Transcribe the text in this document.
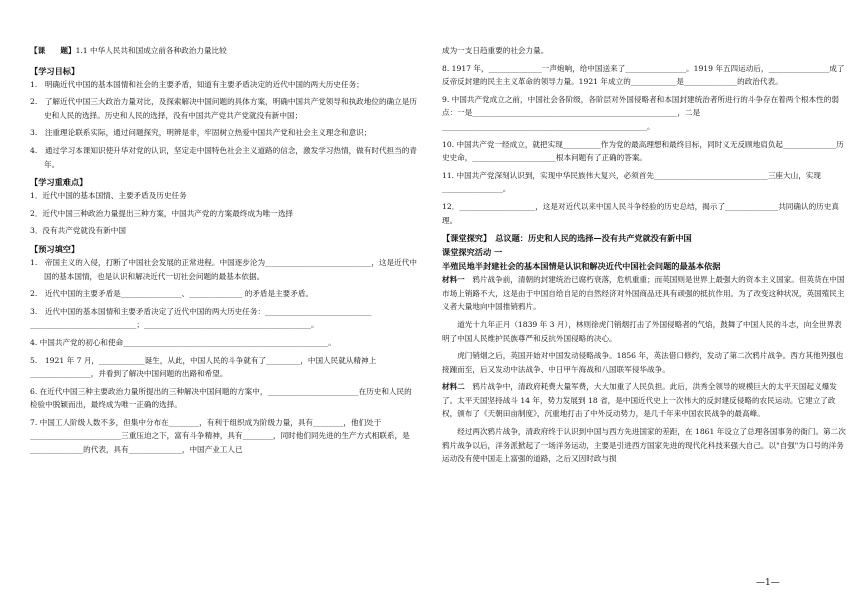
【课　　题】1.1 中华人民共和国成立前各种政治力量比较

【学习目标】

1.　明确近代中国的基本国情和社会的主要矛盾，知道有主要矛盾决定的近代中国的两大历史任务；

2.　了解近代中国三大政治力量对比，及探索解决中国问题的具体方案，明确中国共产党领导和执政地位的确立是历史和人民的选择。历史和人民的选择，没有中国共产党共产党就没有新中国；

3.　注重理论联系实际，通过问题探究，明辨是非，牢固树立热爱中国共产党和社会主义理念和意识；

4.　通过学习本课知识使升华对党的认识，坚定走中国特色社会主义道路的信念，激发学习热情，做有时代担当的青年。

【学习重难点】

1．近代中国的基本国情、主要矛盾及历史任务

2．近代中国三种政治力量提出三种方案，中国共产党的方案最终成为唯一选择

3．没有共产党就没有新中国

【预习填空】

1.　帝国主义的入侵，打断了中国社会发展的正常进程。中国逐步沦为____________________________，这是近代中国的基本国情，也是认识和解决近代一切社会问题的最基本依据。

2.　近代中国的主要矛盾是________________、______________ 的矛盾是主要矛盾。

3.　近代中国的基本国情和主要矛盾决定了近代中国的两大历史任务：____________________________

____________________________；____________________________________________。

4. 中国共产党的初心和使命______________________________________________________。

5.　1921 年 7 月，____________诞生，从此，中国人民的斗争就有了_________，中国人民就从精神上________________，并看到了解决中国问题的出路和希望。

6. 在近代中国三种主要政治力量所提出的三种解决中国问题的方案中，________________________在历史和人民的检验中脱颖而出，最终成为唯一正确的选择。

7. 中国工人阶级人数不多，但集中分布在________，有利于组织成为阶级力量，具有________，他们处于________________________三重压迫之下，富有斗争精神，具有________，同时他们同先进的生产方式相联系，是______________的代表，具有______________，中国产业工人已

成为一支日趋重要的社会力量。

8. 1917 年，______________一声炮响，给中国送来了________________。1919 年五四运动后，________________成了反帝反封建的民主主义革命的领导力量。1921 年成立的____________是______________的政治代表。

9. 中国共产党成立之前，中国社会各阶级，各阶层对外国侵略者和本国封建统治者所进行的斗争存在着两个根本性的弱点：一是______________________________________________________，二是______________________________________________________。

10. 中国共产党一经成立，就把实现__________作为党的最高理想和最终目标，同时义无反顾地肩负起______________历史史命，______________________根本问题有了正确的答案。

11. 中国共产党深刻认识到，实现中华民族伟大复兴，必须首先______________________________三座大山，实现________________。

12．____________________，这是对近代以来中国人民斗争经验的历史总结，揭示了______________共同确认的历史真理。

【课堂探究】　总议题：历史和人民的选择—没有共产党就没有新中国

课堂探究活动 一

半殖民地半封建社会的基本国情是认识和解决近代中国社会问题的最基本依据

材料一　 鸦片战争前，清朝的封建统治已腐朽衰落，危机重重；而英国则是世界上最强大的资本主义国家。但英货在中国市场上销路不大，这是由于中国自给自足的自然经济对外国商品还具有顽强的抵抗作用。为了改变这种状况，英国殖民主义者大量地向中国推销鸦片。

道光十九年正月（1839 年 3 月），林则徐虎门销烟打击了外国侵略者的气焰，鼓舞了中国人民的斗志，向全世界表明了中国人民维护民族尊严和反抗外国侵略的决心。

虎门销烟之后，英国开始对中国发动侵略战争。1856 年，英法借口修约，发动了第二次鸦片战争。西方其他列强也接踵而至，后又发动中法战争、中日甲午海战和八国联军侵华战争。

材料二　 鸦片战争中，清政府耗费大量军费，大大加重了人民负担。此后，洪秀全领导的规模巨大的太平天国起义爆发了。太平天国坚持战斗 14 年，势力发展到 18 省，是中国近代史上一次伟大的反封建反侵略的农民运动。它建立了政权，颁布了《天朝田亩制度》，沉重地打击了中外反动势力，是几千年来中国农民战争的最高峰。

经过两次鸦片战争，清政府终于认识到中国与西方先进国家的差距，在 1861 年设立了总理各国事务的衙门。第二次鸦片战争以后，洋务派掀起了一场洋务运动，主要是引进西方国家先进的现代化科技来强大自己。以"自强"为口号的洋务运动没有使中国走上富强的道路，之后又因时政与损

—1—
